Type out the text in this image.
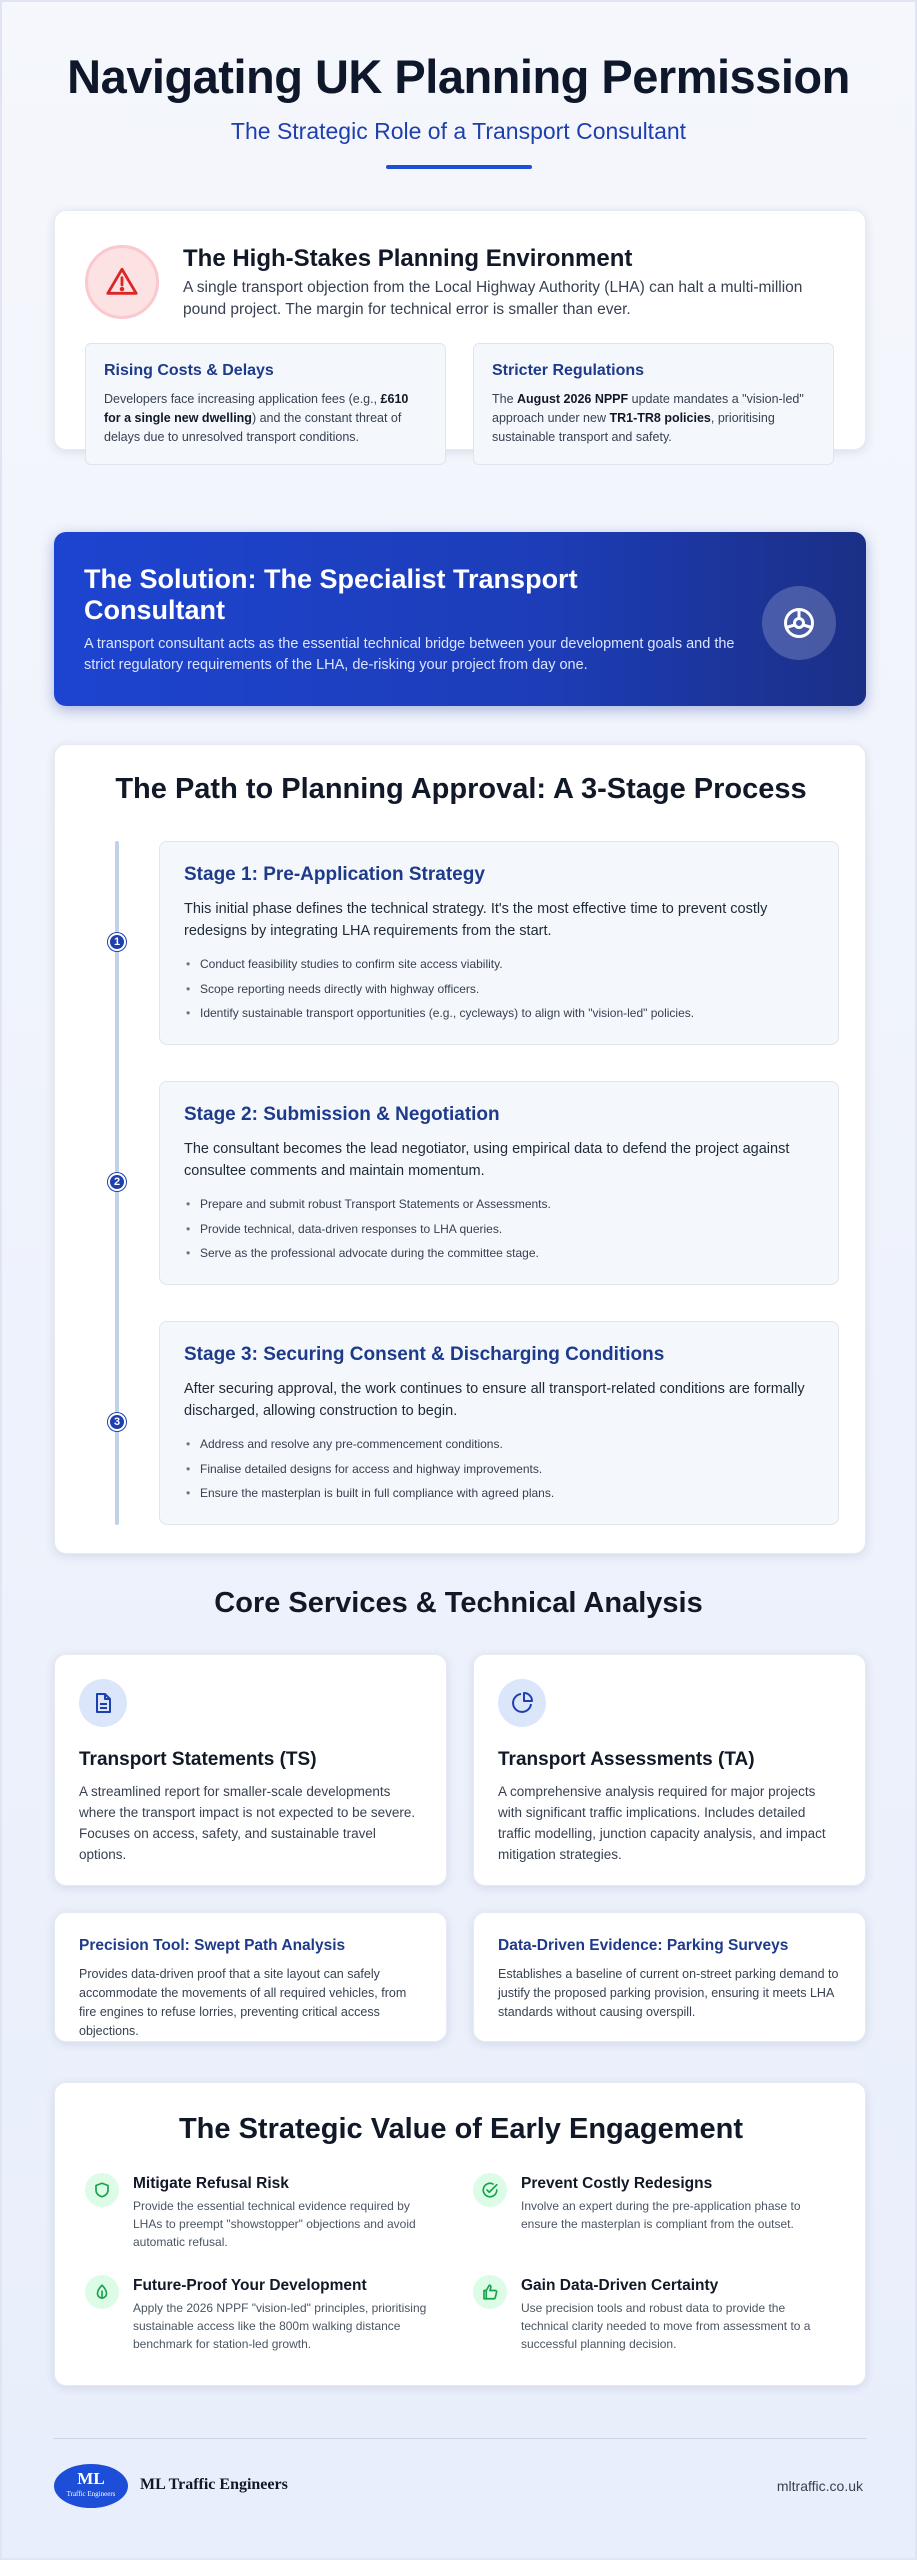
Navigating UK Planning Permission
The Strategic Role of a Transport Consultant
The High-Stakes Planning Environment

A single transport objection from the Local Highway Authority (LHA) can halt a multi-million pound project. The margin for technical error is smaller than ever.

Rising Costs & Delays

Developers face increasing application fees (e.g., £610 for a single new dwelling) and the constant threat of delays due to unresolved transport conditions.

Stricter Regulations

The August 2026 NPPF update mandates a "vision-led" approach under new TR1-TR8 policies, prioritising sustainable transport and safety.

The Solution: The Specialist Transport Consultant

A transport consultant acts as the essential technical bridge between your development goals and the strict regulatory requirements of the LHA, de-risking your project from day one.

The Path to Planning Approval: A 3-Stage Process
1
Stage 1: Pre-Application Strategy

This initial phase defines the technical strategy. It's the most effective time to prevent costly redesigns by integrating LHA requirements from the start.

• Conduct feasibility studies to confirm site access viability.
• Scope reporting needs directly with highway officers.
• Identify sustainable transport opportunities (e.g., cycleways) to align with "vision-led" policies.
2
Stage 2: Submission & Negotiation

The consultant becomes the lead negotiator, using empirical data to defend the project against consultee comments and maintain momentum.

• Prepare and submit robust Transport Statements or Assessments.
• Provide technical, data-driven responses to LHA queries.
• Serve as the professional advocate during the committee stage.
3
Stage 3: Securing Consent & Discharging Conditions

After securing approval, the work continues to ensure all transport-related conditions are formally discharged, allowing construction to begin.

• Address and resolve any pre-commencement conditions.
• Finalise detailed designs for access and highway improvements.
• Ensure the masterplan is built in full compliance with agreed plans.
Core Services & Technical Analysis
Transport Statements (TS)

A streamlined report for smaller-scale developments where the transport impact is not expected to be severe. Focuses on access, safety, and sustainable travel options.

Transport Assessments (TA)

A comprehensive analysis required for major projects with significant traffic implications. Includes detailed traffic modelling, junction capacity analysis, and impact mitigation strategies.

Precision Tool: Swept Path Analysis

Provides data-driven proof that a site layout can safely accommodate the movements of all required vehicles, from fire engines to refuse lorries, preventing critical access objections.

Data-Driven Evidence: Parking Surveys

Establishes a baseline of current on-street parking demand to justify the proposed parking provision, ensuring it meets LHA standards without causing overspill.

The Strategic Value of Early Engagement
Mitigate Refusal Risk

Provide the essential technical evidence required by LHAs to preempt "showstopper" objections and avoid automatic refusal.

Prevent Costly Redesigns

Involve an expert during the pre-application phase to ensure the masterplan is compliant from the outset.

Future-Proof Your Development

Apply the 2026 NPPF "vision-led" principles, prioritising sustainable access like the 800m walking distance benchmark for station-led growth.

Gain Data-Driven Certainty

Use precision tools and robust data to provide the technical clarity needed to move from assessment to a successful planning decision.

ML
Traffic Engineers
ML Traffic Engineers	mltraffic.co.uk
